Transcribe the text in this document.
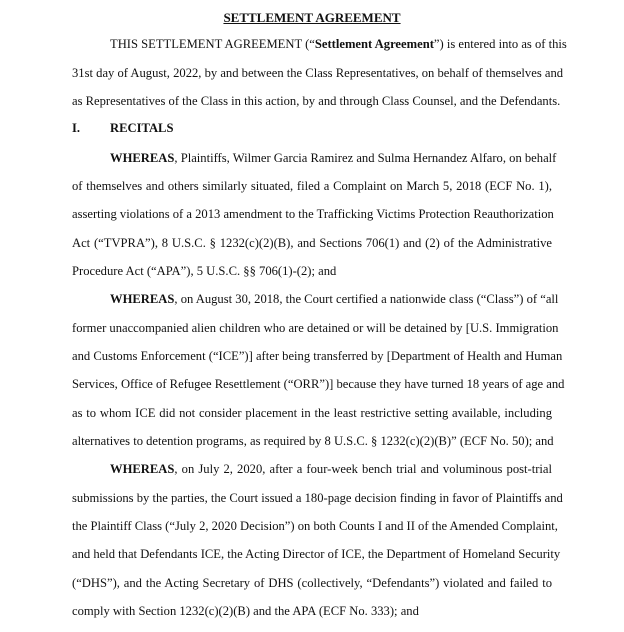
SETTLEMENT AGREEMENT
THIS SETTLEMENT AGREEMENT (“Settlement Agreement”) is entered into as of this
31st day of August, 2022, by and between the Class Representatives, on behalf of themselves and
as Representatives of the Class in this action, by and through Class Counsel, and the Defendants.
I. RECITALS
WHEREAS, Plaintiffs, Wilmer Garcia Ramirez and Sulma Hernandez Alfaro, on behalf
of themselves and others similarly situated, filed a Complaint on March 5, 2018 (ECF No. 1),
asserting violations of a 2013 amendment to the Trafficking Victims Protection Reauthorization
Act (“TVPRA”), 8 U.S.C. § 1232(c)(2)(B), and Sections 706(1) and (2) of the Administrative
Procedure Act (“APA”), 5 U.S.C. §§ 706(1)-(2); and
WHEREAS, on August 30, 2018, the Court certified a nationwide class (“Class”) of “all
former unaccompanied alien children who are detained or will be detained by [U.S. Immigration
and Customs Enforcement (“ICE”)] after being transferred by [Department of Health and Human
Services, Office of Refugee Resettlement (“ORR”)] because they have turned 18 years of age and
as to whom ICE did not consider placement in the least restrictive setting available, including
alternatives to detention programs, as required by 8 U.S.C. § 1232(c)(2)(B)” (ECF No. 50); and
WHEREAS, on July 2, 2020, after a four-week bench trial and voluminous post-trial
submissions by the parties, the Court issued a 180-page decision finding in favor of Plaintiffs and
the Plaintiff Class (“July 2, 2020 Decision”) on both Counts I and II of the Amended Complaint,
and held that Defendants ICE, the Acting Director of ICE, the Department of Homeland Security
(“DHS”), and the Acting Secretary of DHS (collectively, “Defendants”) violated and failed to
comply with Section 1232(c)(2)(B) and the APA (ECF No. 333); and
